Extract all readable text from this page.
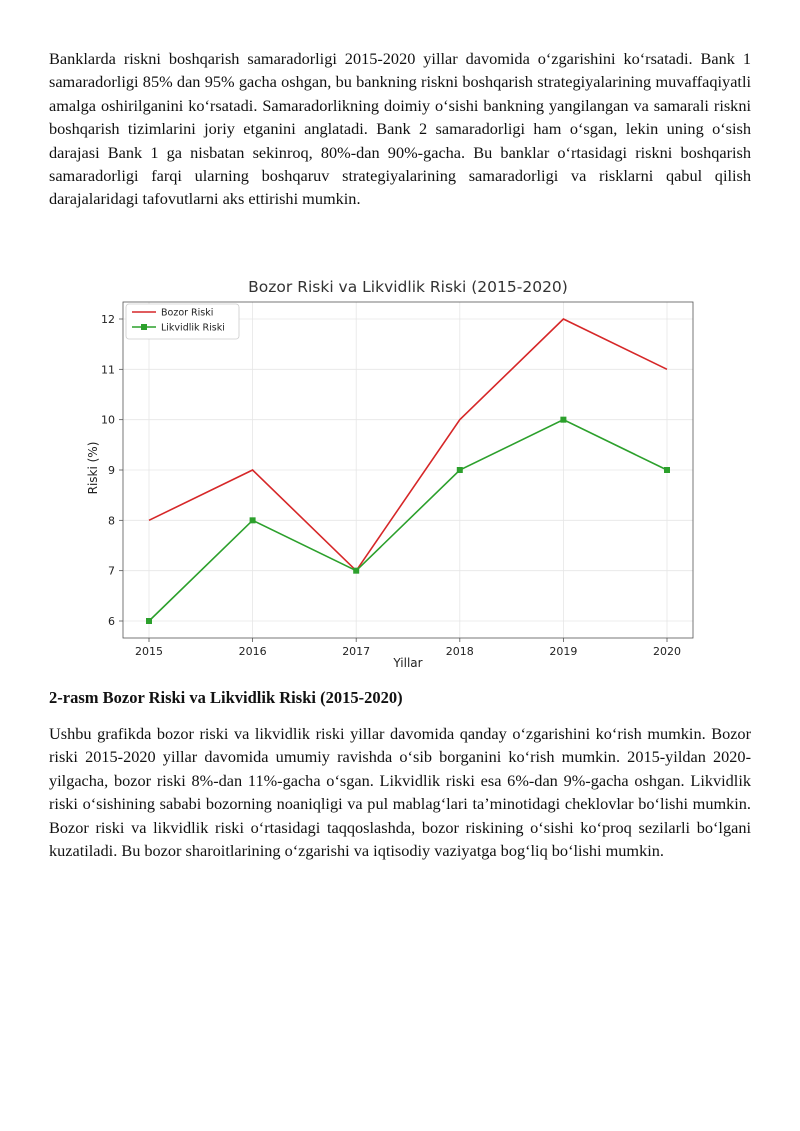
Banklarda riskni boshqarish samaradorligi 2015-2020 yillar davomida oʻzgarishini koʻrsatadi. Bank 1 samaradorligi 85% dan 95% gacha oshgan, bu bankning riskni boshqarish strategiyalarining muvaffaqiyatli amalga oshirilganini koʻrsatadi. Samaradorlikning doimiy oʻsishi bankning yangilangan va samarali riskni boshqarish tizimlarini joriy etganini anglatadi. Bank 2 samaradorligi ham oʻsgan, lekin uning oʻsish darajasi Bank 1 ga nisbatan sekinroq, 80%-dan 90%-gacha. Bu banklar oʻrtasidagi riskni boshqarish samaradorligi farqi ularning boshqaruv strategiyalarining samaradorligi va risklarni qabul qilish darajalaridagi tafovutlarni aks ettirishi mumkin.

Bozor Riski va Likvidlik Riski (2015-2020)
2015	2016	2017	2018	2019	2020
6
7
8
9
10
11
12
Yillar
Riski (%)
Bozor Riski
Likvidlik Riski

2-rasm Bozor Riski va Likvidlik Riski (2015-2020)

Ushbu grafikda bozor riski va likvidlik riski yillar davomida qanday oʻzgarishini koʻrish mumkin. Bozor riski 2015-2020 yillar davomida umumiy ravishda oʻsib borganini koʻrish mumkin. 2015-yildan 2020-yilgacha, bozor riski 8%-dan 11%-gacha oʻsgan. Likvidlik riski esa 6%-dan 9%-gacha oshgan. Likvidlik riski oʻsishining sababi bozorning noaniqligi va pul mablagʻlari taʼminotidagi cheklovlar boʻlishi mumkin. Bozor riski va likvidlik riski oʻrtasidagi taqqoslashda, bozor riskining oʻsishi koʻproq sezilarli boʻlgani kuzatiladi. Bu bozor sharoitlarining oʻzgarishi va iqtisodiy vaziyatga bogʻliq boʻlishi mumkin.
